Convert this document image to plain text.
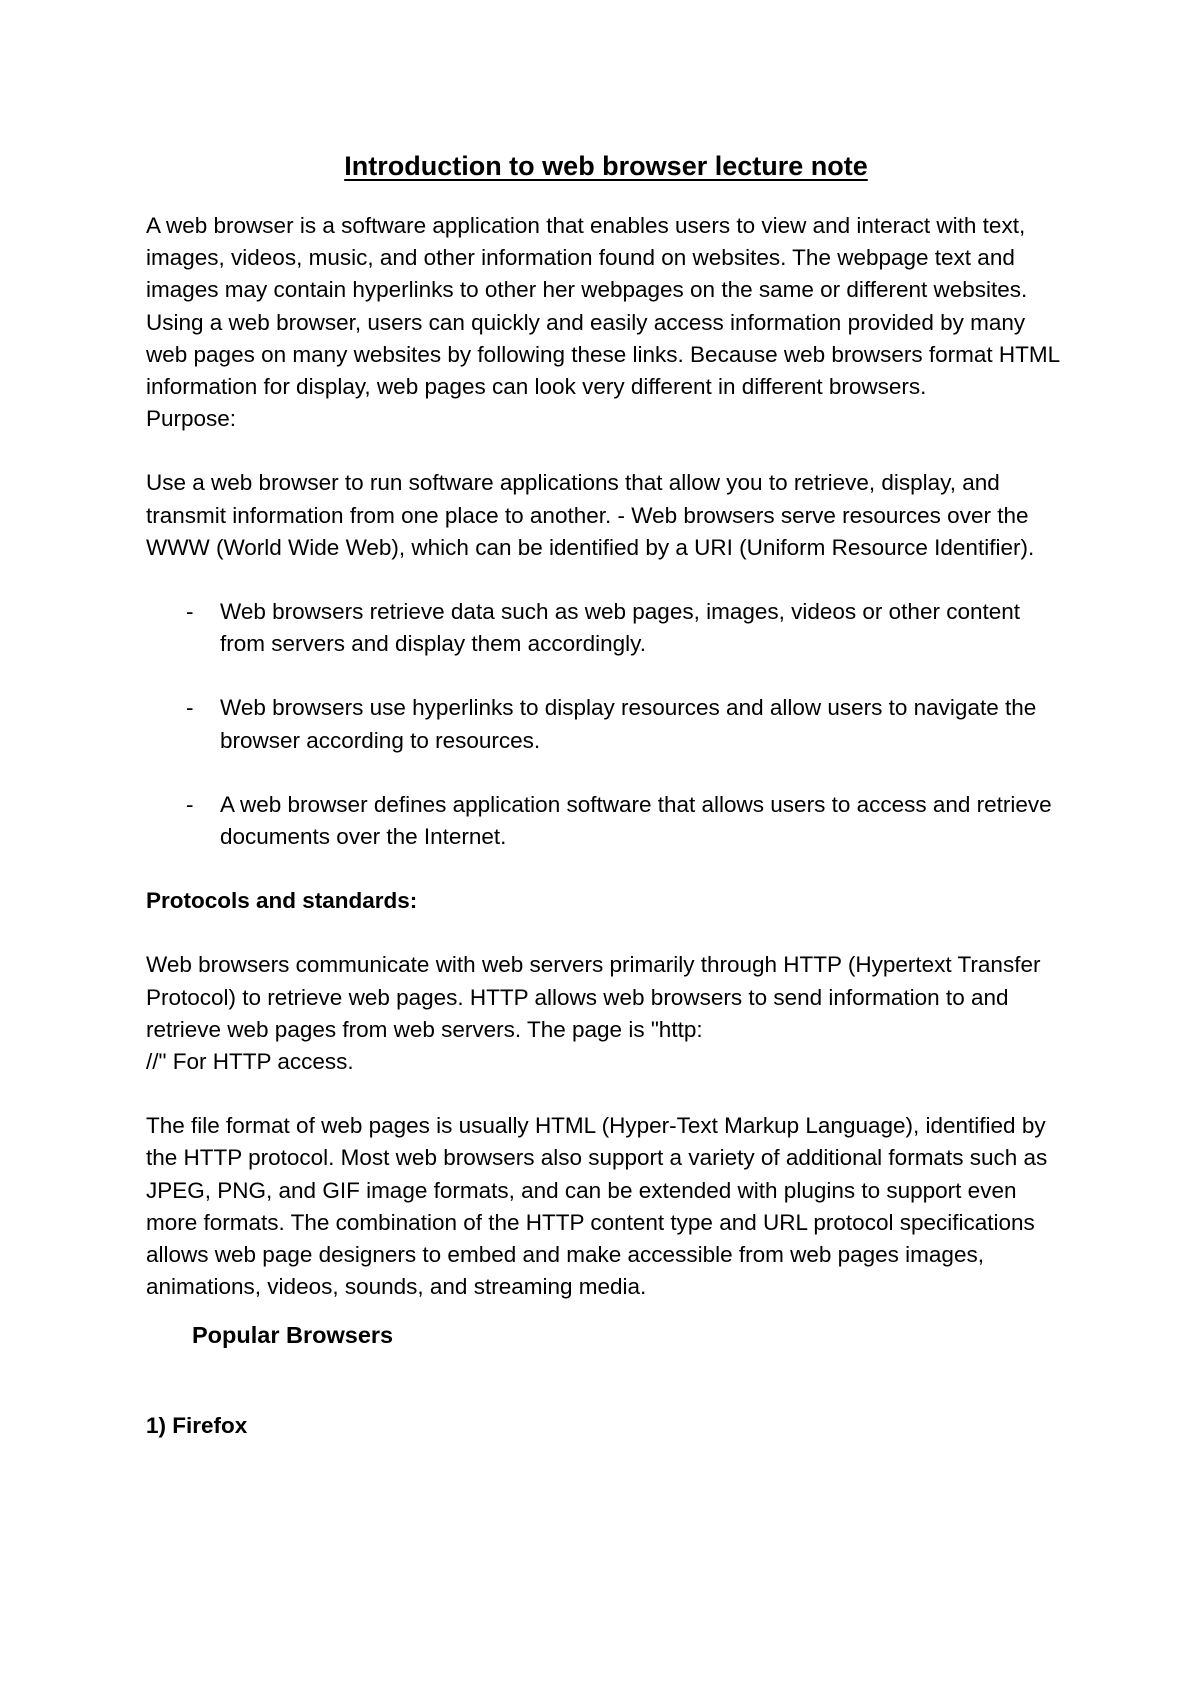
Introduction to web browser lecture note

A web browser is a software application that enables users to view and interact with text, images, videos, music, and other information found on websites. The webpage text and images may contain hyperlinks to other her webpages on the same or different websites. Using a web browser, users can quickly and easily access information provided by many web pages on many websites by following these links. Because web browsers format HTML information for display, web pages can look very different in different browsers.

Purpose:

Use a web browser to run software applications that allow you to retrieve, display, and transmit information from one place to another. - Web browsers serve resources over the WWW (World Wide Web), which can be identified by a URI (Uniform Resource Identifier).

- Web browsers retrieve data such as web pages, images, videos or other content from servers and display them accordingly.
- Web browsers use hyperlinks to display resources and allow users to navigate the browser according to resources.
- A web browser defines application software that allows users to access and retrieve documents over the Internet.

Protocols and standards:

Web browsers communicate with web servers primarily through HTTP (Hypertext Transfer Protocol) to retrieve web pages. HTTP allows web browsers to send information to and retrieve web pages from web servers. The page is "http:

//" For HTTP access.

The file format of web pages is usually HTML (Hyper-Text Markup Language), identified by the HTTP protocol. Most web browsers also support a variety of additional formats such as JPEG, PNG, and GIF image formats, and can be extended with plugins to support even more formats. The combination of the HTTP content type and URL protocol specifications allows web page designers to embed and make accessible from web pages images, animations, videos, sounds, and streaming media.

Popular Browsers

1) Firefox
